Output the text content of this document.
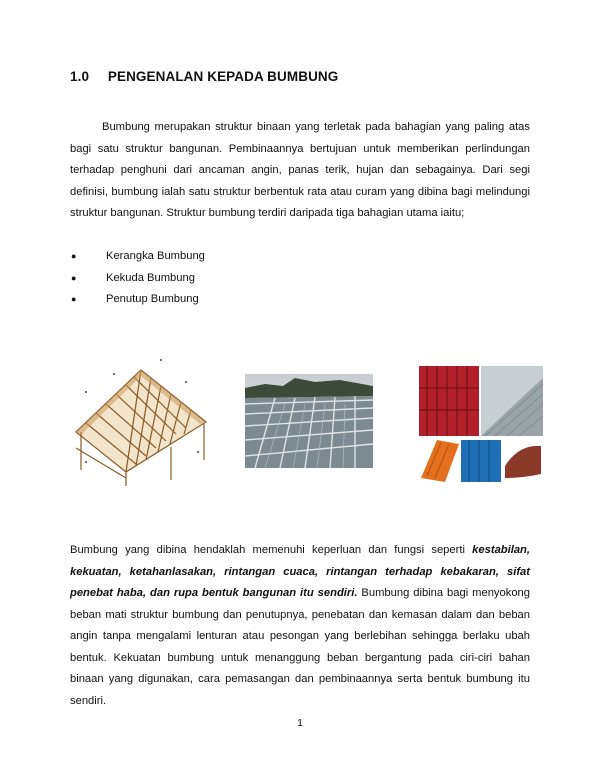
1.0 PENGENALAN KEPADA BUMBUNG

Bumbung merupakan struktur binaan yang terletak pada bahagian yang paling atas bagi satu struktur bangunan. Pembinaannya bertujuan untuk memberikan perlindungan terhadap penghuni dari ancaman angin, panas terik, hujan dan sebagainya. Dari segi definisi, bumbung ialah satu struktur berbentuk rata atau curam yang dibina bagi melindungi struktur bangunan. Struktur bumbung terdiri daripada tiga bahagian utama iaitu;

●	Kerangka Bumbung
●	Kekuda Bumbung
●	Penutup Bumbung

Bumbung yang dibina hendaklah memenuhi keperluan dan fungsi seperti kestabilan, kekuatan, ketahanlasakan, rintangan cuaca, rintangan terhadap kebakaran, sifat penebat haba, dan rupa bentuk bangunan itu sendiri. Bumbung dibina bagi menyokong beban mati struktur bumbung dan penutupnya, penebatan dan kemasan dalam dan beban angin tanpa mengalami lenturan atau pesongan yang berlebihan sehingga berlaku ubah bentuk. Kekuatan bumbung untuk menanggung beban bergantung pada ciri-ciri bahan binaan yang digunakan, cara pemasangan dan pembinaannya serta bentuk bumbung itu sendiri.

1
